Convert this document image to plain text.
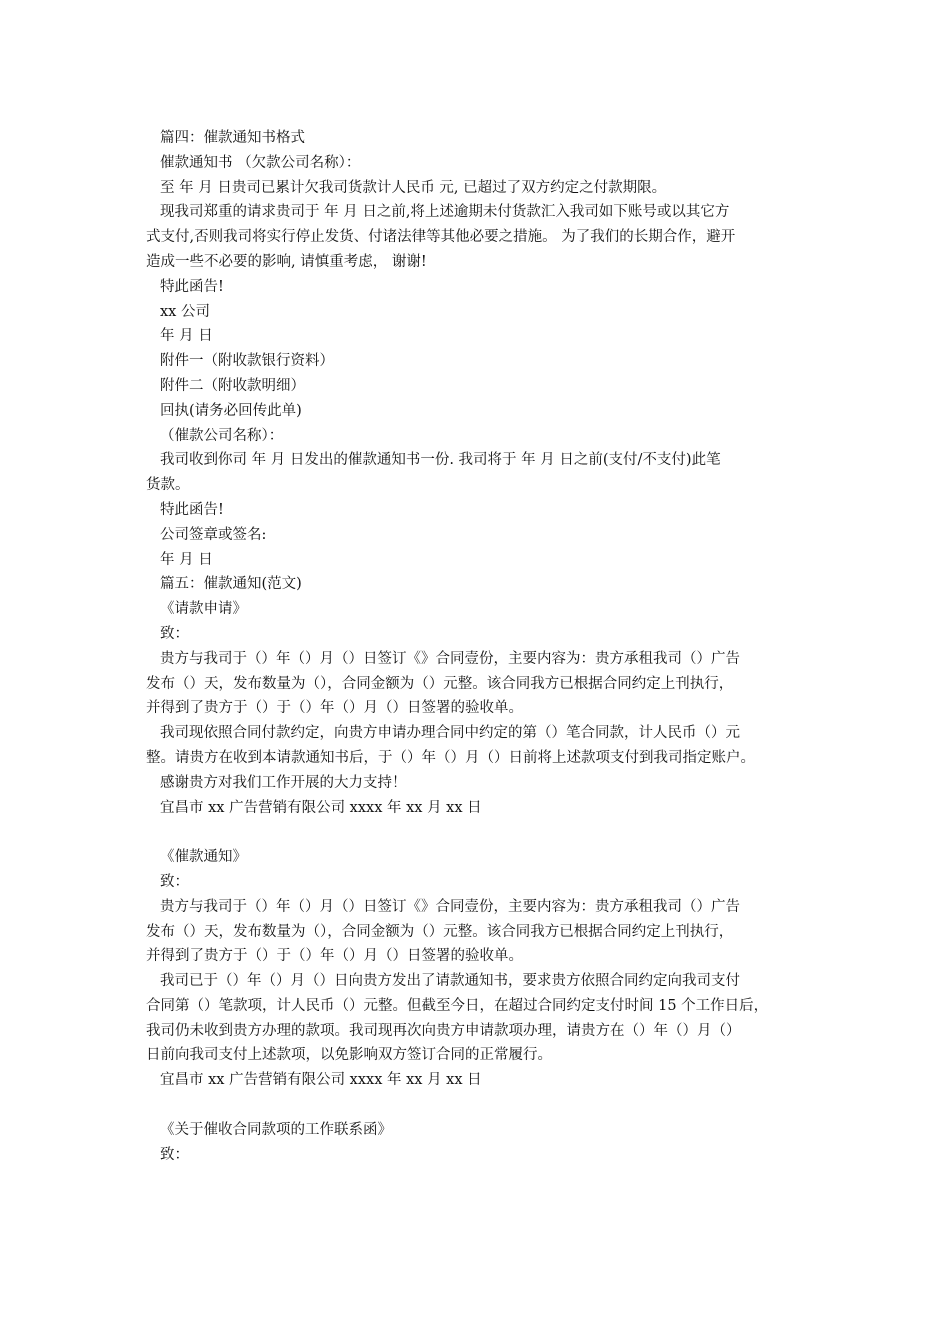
篇四：催款通知书格式
催款通知书 （欠款公司名称）：
至 年 月 日贵司已累计欠我司货款计人民币 元, 已超过了双方约定之付款期限。
现我司郑重的请求贵司于 年 月 日之前,将上述逾期未付货款汇入我司如下账号或以其它方
式支付,否则我司将实行停止发货、付诸法律等其他必要之措施。 为了我们的长期合作，避开
造成一些不必要的影响, 请慎重考虑， 谢谢!
特此函告!
xx 公司
年 月 日
附件一（附收款银行资料）
附件二（附收款明细）
回执(请务必回传此单)
（催款公司名称）：
我司收到你司 年 月 日发出的催款通知书一份. 我司将于 年 月 日之前(支付/不支付)此笔
货款。
特此函告!
公司签章或签名:
年 月 日
篇五：催款通知(范文)
《请款申请》
致：
贵方与我司于（）年（）月（）日签订《》合同壹份，主要内容为：贵方承租我司（）广告
发布（）天，发布数量为（），合同金额为（）元整。该合同我方已根据合同约定上刊执行，
并得到了贵方于（）于（）年（）月（）日签署的验收单。
我司现依照合同付款约定，向贵方申请办理合同中约定的第（）笔合同款，计人民币（）元
整。请贵方在收到本请款通知书后，于（）年（）月（）日前将上述款项支付到我司指定账户。
感谢贵方对我们工作开展的大力支持！
宜昌市 xx 广告营销有限公司 xxxx 年 xx 月 xx 日
《催款通知》
致：
贵方与我司于（）年（）月（）日签订《》合同壹份，主要内容为：贵方承租我司（）广告
发布（）天，发布数量为（），合同金额为（）元整。该合同我方已根据合同约定上刊执行，
并得到了贵方于（）于（）年（）月（）日签署的验收单。
我司已于（）年（）月（）日向贵方发出了请款通知书，要求贵方依照合同约定向我司支付
合同第（）笔款项，计人民币（）元整。但截至今日，在超过合同约定支付时间 15 个工作日后，
我司仍未收到贵方办理的款项。我司现再次向贵方申请款项办理，请贵方在（）年（）月（）
日前向我司支付上述款项，以免影响双方签订合同的正常履行。
宜昌市 xx 广告营销有限公司 xxxx 年 xx 月 xx 日
《关于催收合同款项的工作联系函》
致：
